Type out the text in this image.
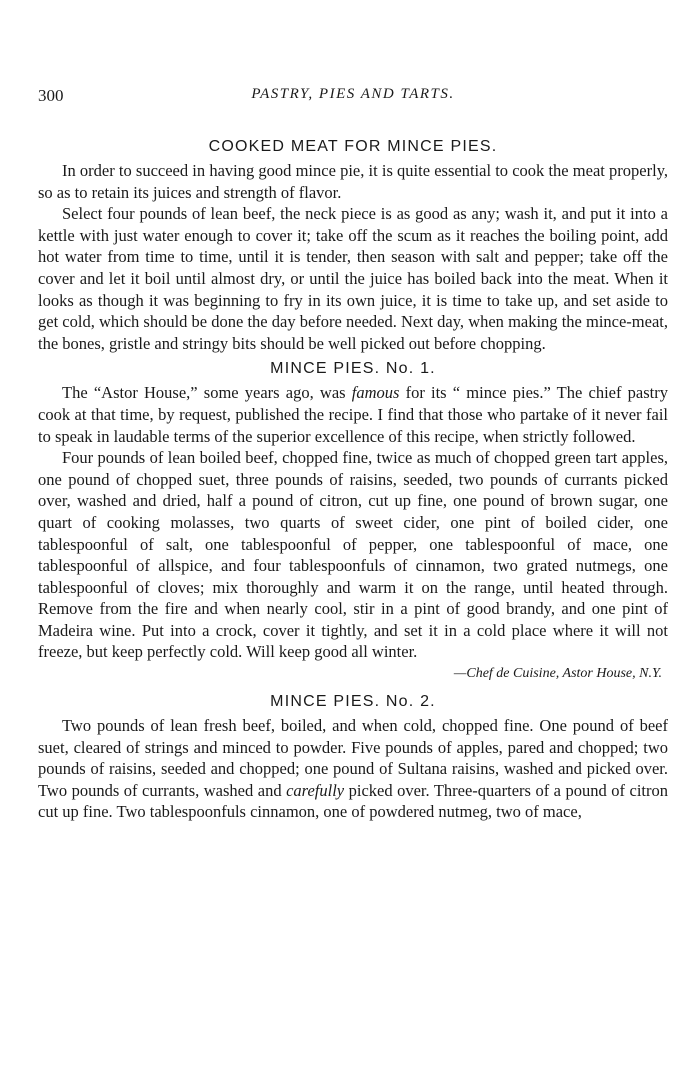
300	PASTRY, PIES AND TARTS.
COOKED MEAT FOR MINCE PIES.

In order to succeed in having good mince pie, it is quite essential to cook the meat properly, so as to retain its juices and strength of flavor.

Select four pounds of lean beef, the neck piece is as good as any; wash it, and put it into a kettle with just water enough to cover it; take off the scum as it reaches the boiling point, add hot water from time to time, until it is tender, then season with salt and pepper; take off the cover and let it boil until almost dry, or until the juice has boiled back into the meat. When it looks as though it was beginning to fry in its own juice, it is time to take up, and set aside to get cold, which should be done the day before needed. Next day, when making the mince-meat, the bones, gristle and stringy bits should be well picked out before chopping.

MINCE PIES. No. 1.

The “Astor House,” some years ago, was famous for its “ mince pies.” The chief pastry cook at that time, by request, published the recipe. I find that those who partake of it never fail to speak in laudable terms of the superior excellence of this recipe, when strictly followed.

Four pounds of lean boiled beef, chopped fine, twice as much of chopped green tart apples, one pound of chopped suet, three pounds of raisins, seeded, two pounds of currants picked over, washed and dried, half a pound of citron, cut up fine, one pound of brown sugar, one quart of cooking molasses, two quarts of sweet cider, one pint of boiled cider, one tablespoonful of salt, one tablespoonful of pepper, one tablespoonful of mace, one tablespoonful of allspice, and four tablespoonfuls of cinnamon, two grated nutmegs, one tablespoonful of cloves; mix thoroughly and warm it on the range, until heated through. Remove from the fire and when nearly cool, stir in a pint of good brandy, and one pint of Madeira wine. Put into a crock, cover it tightly, and set it in a cold place where it will not freeze, but keep perfectly cold. Will keep good all winter.

—Chef de Cuisine, Astor House, N.Y.
MINCE PIES. No. 2.

Two pounds of lean fresh beef, boiled, and when cold, chopped fine. One pound of beef suet, cleared of strings and minced to powder. Five pounds of apples, pared and chopped; two pounds of raisins, seeded and chopped; one pound of Sultana raisins, washed and picked over. Two pounds of currants, washed and carefully picked over. Three-quarters of a pound of citron cut up fine. Two tablespoonfuls cinnamon, one of powdered nutmeg, two of mace,
